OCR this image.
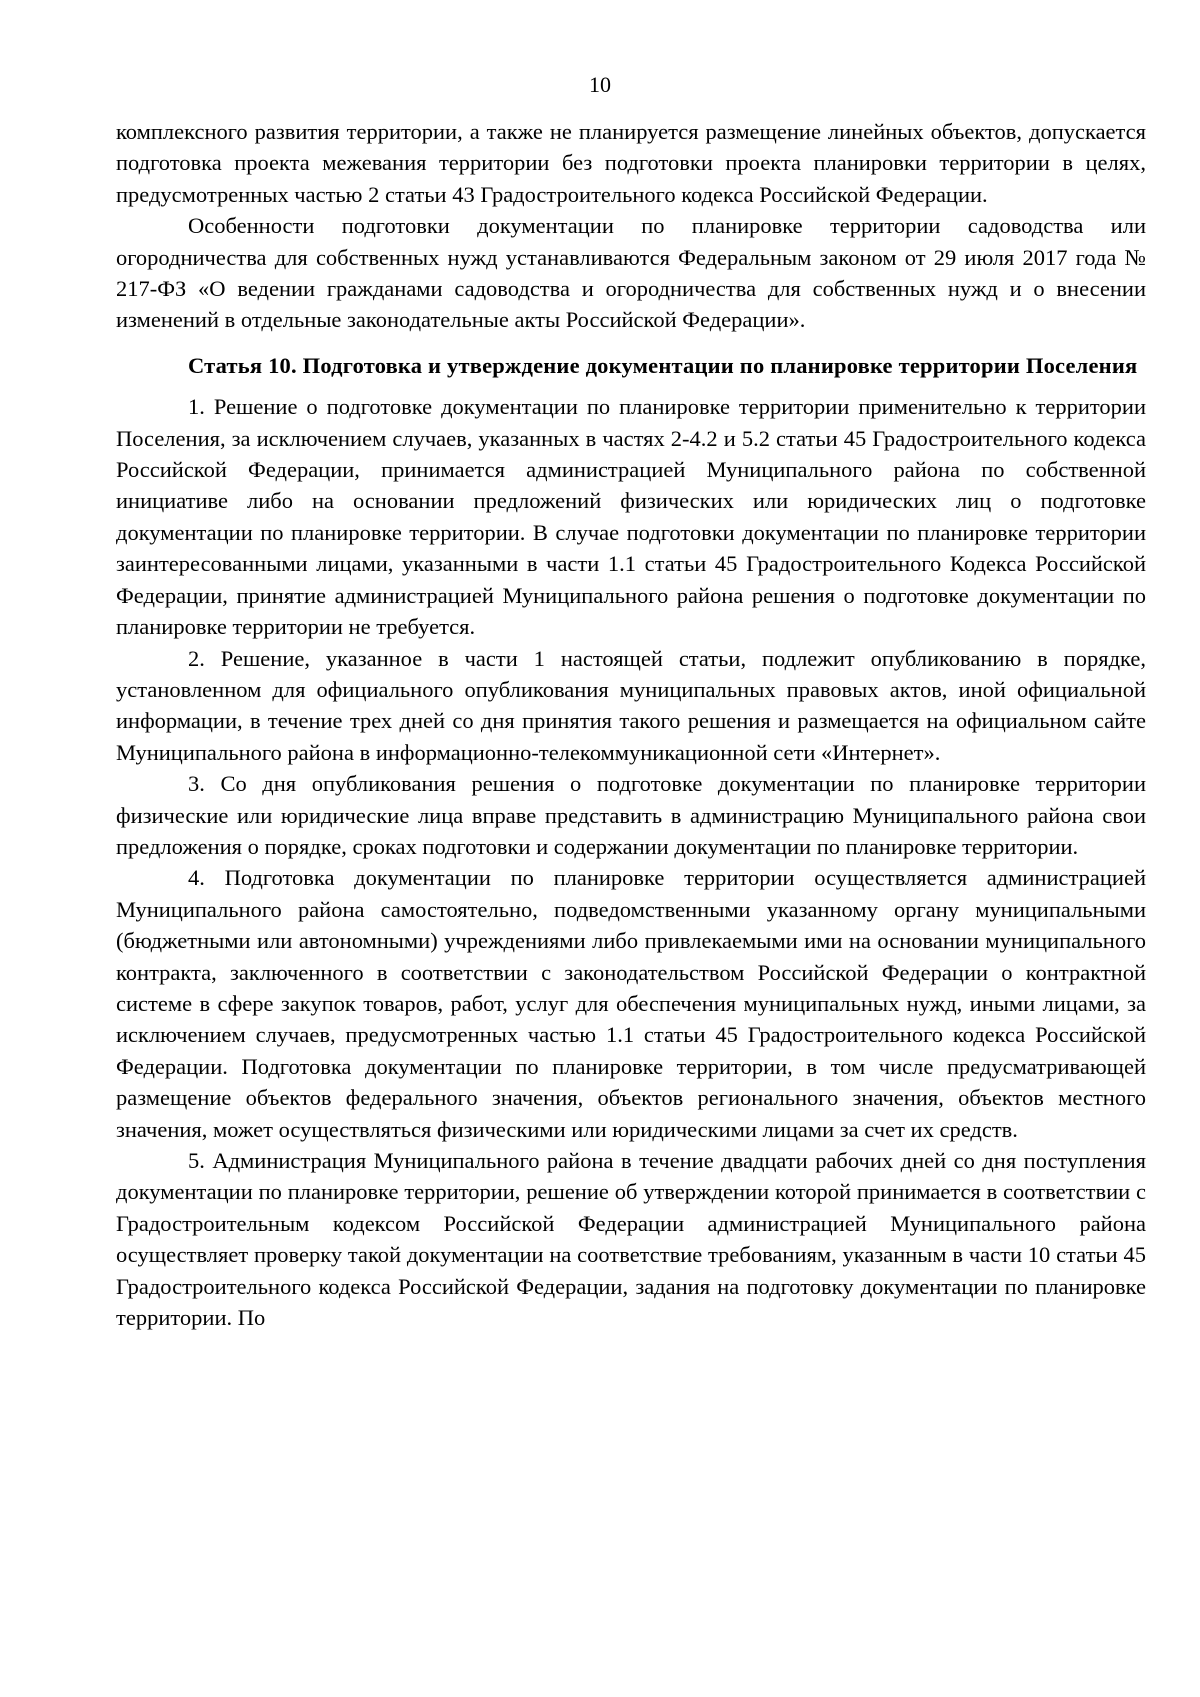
10

комплексного развития территории, а также не планируется размещение линейных объектов, допускается подготовка проекта межевания территории без подготовки проекта планировки территории в целях, предусмотренных частью 2 статьи 43 Градостроительного кодекса Российской Федерации.

Особенности подготовки документации по планировке территории садоводства или огородничества для собственных нужд устанавливаются Федеральным законом от 29 июля 2017 года № 217-ФЗ «О ведении гражданами садоводства и огородничества для собственных нужд и о внесении изменений в отдельные законодательные акты Российской Федерации».

Статья 10. Подготовка и утверждение документации по планировке территории Поселения

1. Решение о подготовке документации по планировке территории применительно к территории Поселения, за исключением случаев, указанных в частях 2-4.2 и 5.2 статьи 45 Градостроительного кодекса Российской Федерации, принимается администрацией Муниципального района по собственной инициативе либо на основании предложений физических или юридических лиц о подготовке документации по планировке территории. В случае подготовки документации по планировке территории заинтересованными лицами, указанными в части 1.1 статьи 45 Градостроительного Кодекса Российской Федерации, принятие администрацией Муниципального района решения о подготовке документации по планировке территории не требуется.

2. Решение, указанное в части 1 настоящей статьи, подлежит опубликованию в порядке, установленном для официального опубликования муниципальных правовых актов, иной официальной информации, в течение трех дней со дня принятия такого решения и размещается на официальном сайте Муниципального района в информационно-телекоммуникационной сети «Интернет».

3. Со дня опубликования решения о подготовке документации по планировке территории физические или юридические лица вправе представить в администрацию Муниципального района свои предложения о порядке, сроках подготовки и содержании документации по планировке территории.

4. Подготовка документации по планировке территории осуществляется администрацией Муниципального района самостоятельно, подведомственными указанному органу муниципальными (бюджетными или автономными) учреждениями либо привлекаемыми ими на основании муниципального контракта, заключенного в соответствии с законодательством Российской Федерации о контрактной системе в сфере закупок товаров, работ, услуг для обеспечения муниципальных нужд, иными лицами, за исключением случаев, предусмотренных частью 1.1 статьи 45 Градостроительного кодекса Российской Федерации. Подготовка документации по планировке территории, в том числе предусматривающей размещение объектов федерального значения, объектов регионального значения, объектов местного значения, может осуществляться физическими или юридическими лицами за счет их средств.

5. Администрация Муниципального района в течение двадцати рабочих дней со дня поступления документации по планировке территории, решение об утверждении которой принимается в соответствии с Градостроительным кодексом Российской Федерации администрацией Муниципального района осуществляет проверку такой документации на соответствие требованиям, указанным в части 10 статьи 45 Градостроительного кодекса Российской Федерации, задания на подготовку документации по планировке территории. По
